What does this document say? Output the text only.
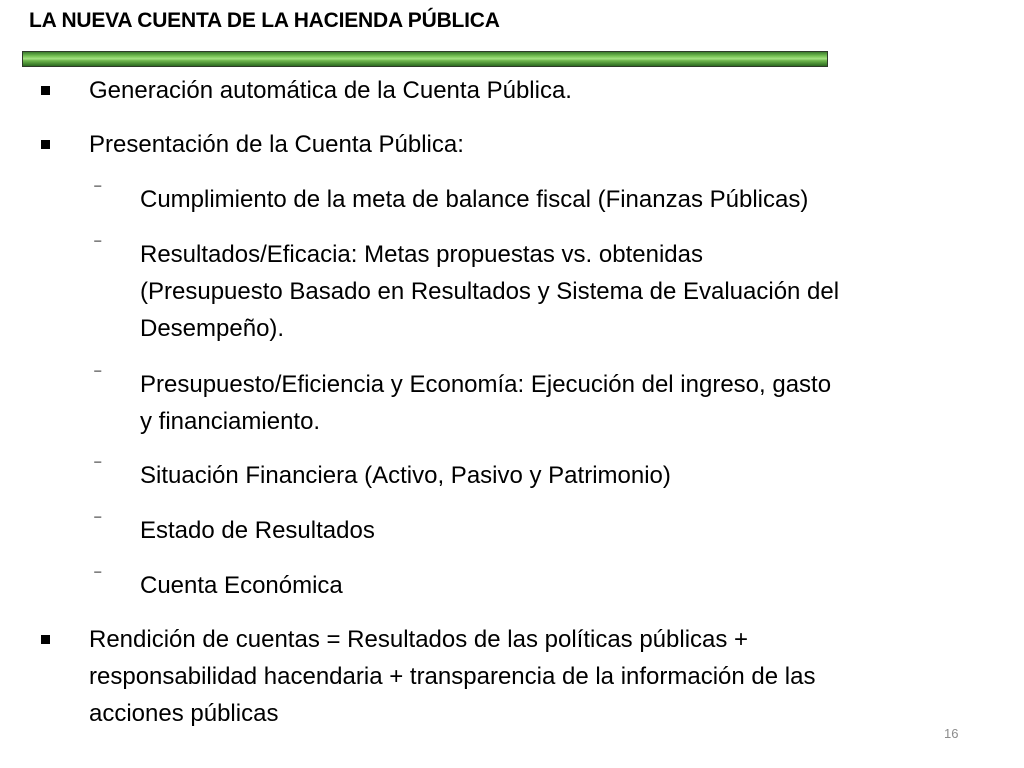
LA NUEVA CUENTA DE LA HACIENDA PÚBLICA
Generación automática de la Cuenta Pública.
Presentación de la Cuenta Pública:
⁻ Cumplimiento de la meta de balance fiscal (Finanzas Públicas)
⁻ Resultados/Eficacia: Metas propuestas vs. obtenidas
(Presupuesto Basado en Resultados y Sistema de Evaluación del
Desempeño).
⁻ Presupuesto/Eficiencia y Economía: Ejecución del ingreso, gasto
y financiamiento.
⁻ Situación Financiera (Activo, Pasivo y Patrimonio)
⁻ Estado de Resultados
⁻ Cuenta Económica
Rendición de cuentas = Resultados de las políticas públicas +
responsabilidad hacendaria + transparencia de la información de las
acciones públicas
16
